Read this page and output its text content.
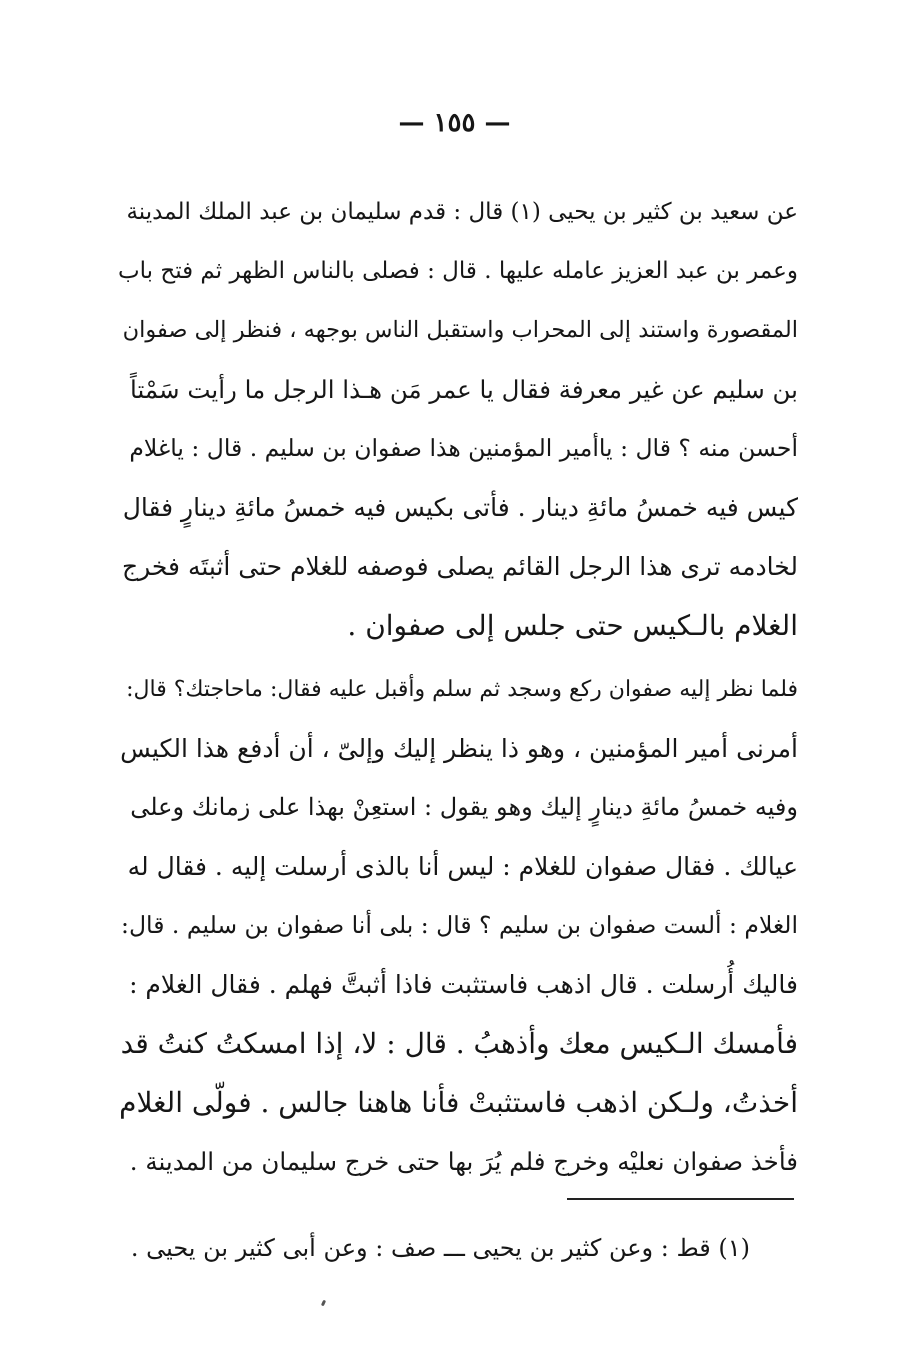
— ١٥٥ —
عن سعيد بن كثير بن يحيى (١) قال : قدم سليمان بن عبد الملك المدينة
وعمر بن عبد العزيز عامله عليها . قال : فصلى بالناس الظهر ثم فتح باب
المقصورة واستند إلى المحراب واستقبل الناس بوجهه ، فنظر إلى صفوان
بن سليم عن غير معرفة فقال يا عمر مَن هـذا الرجل ما رأيت سَمْتاً
أحسن منه ؟ قال : ياأمير المؤمنين هذا صفوان بن سليم . قال : ياغلام
كيس فيه خمسُ مائةِ دينار . فأتى بكيس فيه خمسُ مائةِ دينارٍ فقال
لخادمه ترى هذا الرجل القائم يصلى فوصفه للغلام حتى أثبتَه فخرج
الغلام بالـكيس حتى جلس إلى صفوان .
فلما نظر إليه صفوان ركع وسجد ثم سلم وأقبل عليه فقال: ماحاجتك؟ قال:
أمرنى أمير المؤمنين ، وهو ذا ينظر إليك وإلىّ ، أن أدفع هذا الكيس
وفيه خمسُ مائةِ دينارٍ إليك وهو يقول : استعِنْ بهذا على زمانك وعلى
عيالك . فقال صفوان للغلام : ليس أنا بالذى أرسلت إليه . فقال له
الغلام : ألست صفوان بن سليم ؟ قال : بلى أنا صفوان بن سليم . قال:
فاليك أُرسلت . قال اذهب فاستثبت فاذا أثبتَّ فهلم . فقال الغلام :
فأمسك الـكيس معك وأذهبُ . قال : لا، إذا امسكتُ كنتُ قد
أخذتُ، ولـكن اذهب فاستثبتْ فأنا هاهنا جالس . فولّى الغلام
فأخذ صفوان نعليْه وخرج فلم يُرَ بها حتى خرج سليمان من المدينة .
(١) قط : وعن كثير بن يحيى ـــ صف : وعن أبى كثير بن يحيى .
